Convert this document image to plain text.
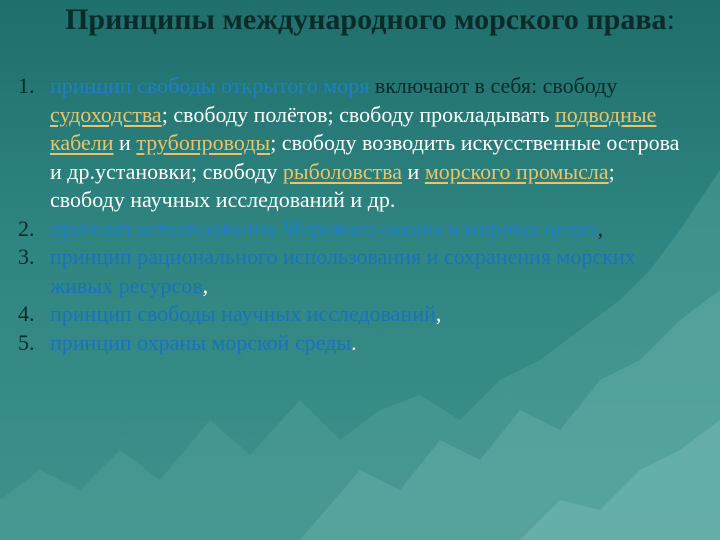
Принципы международного морского права:
1. принцип свободы открытого моря включают в себя: свободу судоходства; свободу полётов; свободу прокладывать подводные кабели и трубопроводы; свободу возводить искусственные острова и др.установки; свободу рыболовства и морского промысла; свободу научных исследований и др.
2. принцип использования Мирового океана в мирных целях,
3. принцип рационального использования и сохранения морских живых ресурсов,
4. принцип свободы научных исследований,
5. принцип охраны морской среды.
